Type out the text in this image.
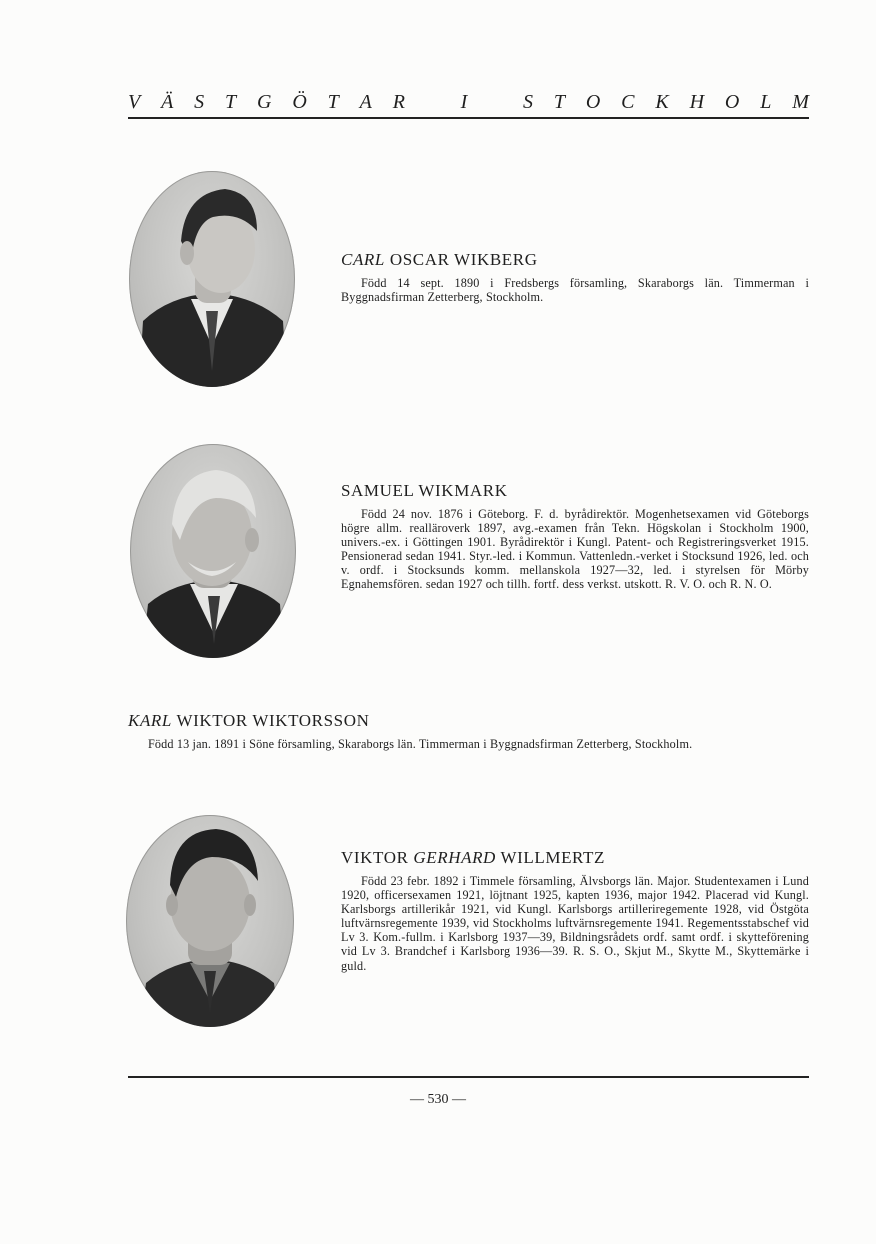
V Ä S T G Ö T A R	I	S T O C K H O L M
CARL OSCAR WIKBERG
Född 14 sept. 1890 i Fredsbergs församling, Skaraborgs län. Timmerman i Byggnadsfirman Zetterberg, Stockholm.
SAMUEL WIKMARK
Född 24 nov. 1876 i Göteborg. F. d. byrådirektör. Mogenhetsexamen vid Göteborgs högre allm. realläroverk 1897, avg.-examen från Tekn. Högskolan i Stockholm 1900, univers.-ex. i Göttingen 1901. Byrådirektör i Kungl. Patent- och Registreringsverket 1915. Pensionerad sedan 1941. Styr.-led. i Kommun. Vattenledn.-verket i Stocksund 1926, led. och v. ordf. i Stocksunds komm. mellanskola 1927—32, led. i styrelsen för Mörby Egnahemsfören. sedan 1927 och tillh. fortf. dess verkst. utskott. R. V. O. och R. N. O.
KARL WIKTOR WIKTORSSON
Född 13 jan. 1891 i Söne församling, Skaraborgs län. Timmerman i Byggnadsfirman Zetterberg, Stockholm.
VIKTOR GERHARD WILLMERTZ
Född 23 febr. 1892 i Timmele församling, Älvsborgs län. Major. Studentexamen i Lund 1920, officersexamen 1921, löjtnant 1925, kapten 1936, major 1942. Placerad vid Kungl. Karlsborgs artillerikår 1921, vid Kungl. Karlsborgs artilleriregemente 1928, vid Östgöta luftvärnsregemente 1939, vid Stockholms luftvärnsregemente 1941. Regementsstabschef vid Lv 3. Kom.-fullm. i Karlsborg 1937—39, Bildningsrådets ordf. samt ordf. i skytteförening vid Lv 3. Brandchef i Karlsborg 1936—39. R. S. O., Skjut M., Skytte M., Skyttemärke i guld.
— 530 —
